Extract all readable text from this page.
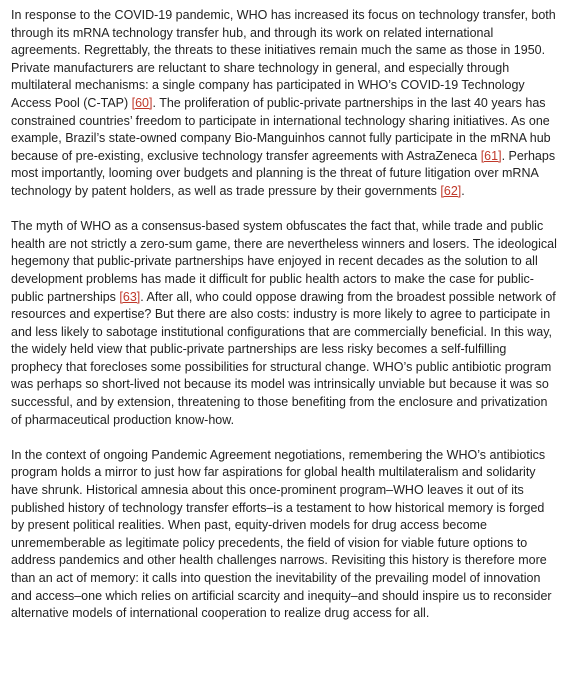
In response to the COVID-19 pandemic, WHO has increased its focus on technology transfer, both through its mRNA technology transfer hub, and through its work on related international agreements. Regrettably, the threats to these initiatives remain much the same as those in 1950. Private manufacturers are reluctant to share technology in general, and especially through multilateral mechanisms: a single company has participated in WHO’s COVID-19 Technology Access Pool (C-TAP) [60]. The proliferation of public-private partnerships in the last 40 years has constrained countries’ freedom to participate in international technology sharing initiatives. As one example, Brazil’s state-owned company Bio-Manguinhos cannot fully participate in the mRNA hub because of pre-existing, exclusive technology transfer agreements with AstraZeneca [61]. Perhaps most importantly, looming over budgets and planning is the threat of future litigation over mRNA technology by patent holders, as well as trade pressure by their governments [62].

The myth of WHO as a consensus-based system obfuscates the fact that, while trade and public health are not strictly a zero-sum game, there are nevertheless winners and losers. The ideological hegemony that public-private partnerships have enjoyed in recent decades as the solution to all development problems has made it difficult for public health actors to make the case for public-public partnerships [63]. After all, who could oppose drawing from the broadest possible network of resources and expertise? But there are also costs: industry is more likely to agree to participate in and less likely to sabotage institutional configurations that are commercially beneficial. In this way, the widely held view that public-private partnerships are less risky becomes a self-fulfilling prophecy that forecloses some possibilities for structural change. WHO’s public antibiotic program was perhaps so short-lived not because its model was intrinsically unviable but because it was so successful, and by extension, threatening to those benefiting from the enclosure and privatization of pharmaceutical production know-how.

In the context of ongoing Pandemic Agreement negotiations, remembering the WHO’s antibiotics program holds a mirror to just how far aspirations for global health multilateralism and solidarity have shrunk. Historical amnesia about this once-prominent program–WHO leaves it out of its published history of technology transfer efforts–is a testament to how historical memory is forged by present political realities. When past, equity-driven models for drug access become unrememberable as legitimate policy precedents, the field of vision for viable future options to address pandemics and other health challenges narrows. Revisiting this history is therefore more than an act of memory: it calls into question the inevitability of the prevailing model of innovation and access–one which relies on artificial scarcity and inequity–and should inspire us to reconsider alternative models of international cooperation to realize drug access for all.
